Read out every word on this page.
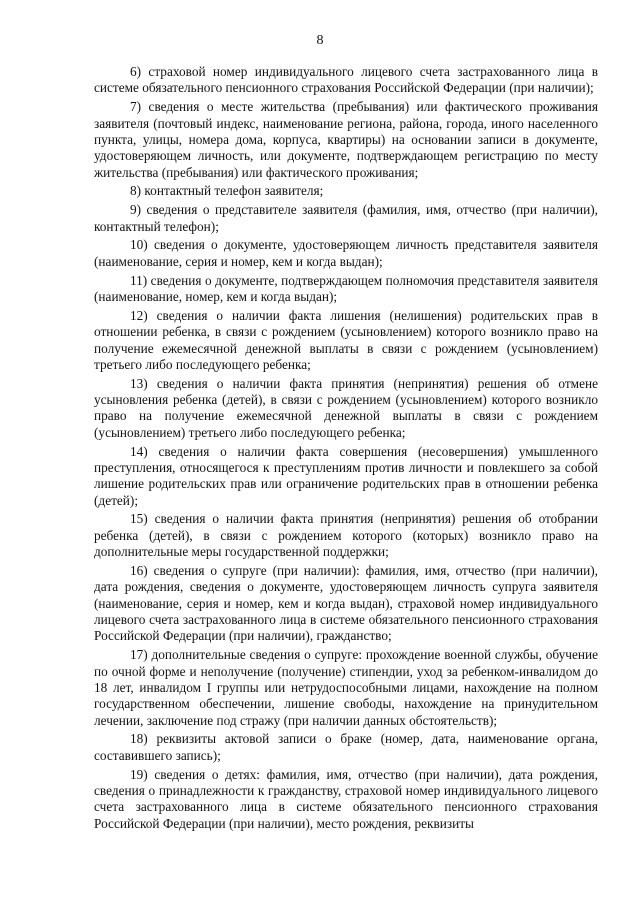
8

6) страховой номер индивидуального лицевого счета застрахованного лица в системе обязательного пенсионного страхования Российской Федерации (при наличии);

7) сведения о месте жительства (пребывания) или фактического проживания заявителя (почтовый индекс, наименование региона, района, города, иного населенного пункта, улицы, номера дома, корпуса, квартиры) на основании записи в документе, удостоверяющем личность, или документе, подтверждающем регистрацию по месту жительства (пребывания) или фактического проживания;

8) контактный телефон заявителя;

9) сведения о представителе заявителя (фамилия, имя, отчество (при наличии), контактный телефон);

10) сведения о документе, удостоверяющем личность представителя заявителя (наименование, серия и номер, кем и когда выдан);

11) сведения о документе, подтверждающем полномочия представителя заявителя (наименование, номер, кем и когда выдан);

12) сведения о наличии факта лишения (нелишения) родительских прав в отношении ребенка, в связи с рождением (усыновлением) которого возникло право на получение ежемесячной денежной выплаты в связи с рождением (усыновлением) третьего либо последующего ребенка;

13) сведения о наличии факта принятия (непринятия) решения об отмене усыновления ребенка (детей), в связи с рождением (усыновлением) которого возникло право на получение ежемесячной денежной выплаты в связи с рождением (усыновлением) третьего либо последующего ребенка;

14) сведения о наличии факта совершения (несовершения) умышленного преступления, относящегося к преступлениям против личности и повлекшего за собой лишение родительских прав или ограничение родительских прав в отношении ребенка (детей);

15) сведения о наличии факта принятия (непринятия) решения об отобрании ребенка (детей), в связи с рождением которого (которых) возникло право на дополнительные меры государственной поддержки;

16) сведения о супруге (при наличии): фамилия, имя, отчество (при наличии), дата рождения, сведения о документе, удостоверяющем личность супруга заявителя (наименование, серия и номер, кем и когда выдан), страховой номер индивидуального лицевого счета застрахованного лица в системе обязательного пенсионного страхования Российской Федерации (при наличии), гражданство;

17) дополнительные сведения о супруге: прохождение военной службы, обучение по очной форме и неполучение (получение) стипендии, уход за ребенком-инвалидом до 18 лет, инвалидом I группы или нетрудоспособными лицами, нахождение на полном государственном обеспечении, лишение свободы, нахождение на принудительном лечении, заключение под стражу (при наличии данных обстоятельств);

18) реквизиты актовой записи о браке (номер, дата, наименование органа, составившего запись);

19) сведения о детях: фамилия, имя, отчество (при наличии), дата рождения, сведения о принадлежности к гражданству, страховой номер индивидуального лицевого счета застрахованного лица в системе обязательного пенсионного страхования Российской Федерации (при наличии), место рождения, реквизиты
